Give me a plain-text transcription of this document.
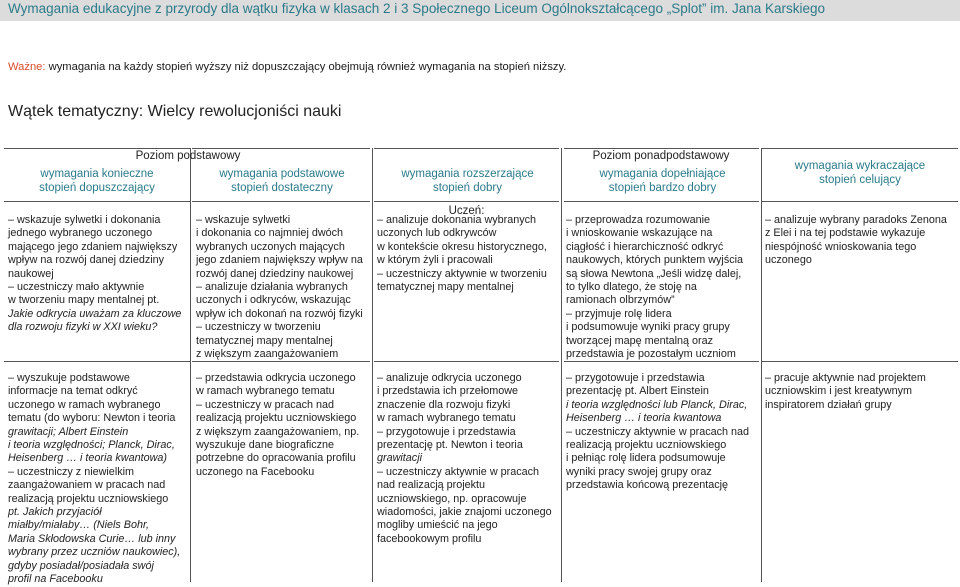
Wymagania edukacyjne z przyrody dla wątku fizyka w klasach 2 i 3 Społecznego Liceum Ogólnokształcącego „Splot” im. Jana Karskiego
Ważne: wymagania na każdy stopień wyższy niż dopuszczający obejmują również wymagania na stopień niższy.
Wątek tematyczny: Wielcy rewolucjoniści nauki
Poziom podstawowy	Poziom ponadpodstawowy
Uczeń:
wymagania konieczne
stopień dopuszczający
wymagania podstawowe
stopień dostateczny
wymagania rozszerzające
stopień dobry
wymagania dopełniające
stopień bardzo dobry
wymagania wykraczające
stopień celujący
– wskazuje sylwetki i dokonania
jednego wybranego uczonego
mającego jego zdaniem największy
wpływ na rozwój danej dziedziny
naukowej
– uczestniczy mało aktywnie
w tworzeniu mapy mentalnej pt.
Jakie odkrycia uważam za kluczowe
dla rozwoju fizyki w XXI wieku?
– wskazuje sylwetki
i dokonania co najmniej dwóch
wybranych uczonych mających
jego zdaniem największy wpływ na
rozwój danej dziedziny naukowej
– analizuje działania wybranych
uczonych i odkryców, wskazując
wpływ ich dokonań na rozwój fizyki
– uczestniczy w tworzeniu
tematycznej mapy mentalnej
z większym zaangażowaniem
– analizuje dokonania wybranych
uczonych lub odkrywców
w kontekście okresu historycznego,
w którym żyli i pracowali
– uczestniczy aktywnie w tworzeniu
tematycznej mapy mentalnej
– przeprowadza rozumowanie
i wnioskowanie wskazujące na
ciągłość i hierarchiczność odkryć
naukowych, których punktem wyjścia
są słowa Newtona „Jeśli widzę dalej,
to tylko dlatego, że stoję na
ramionach olbrzymów”
– przyjmuje rolę lidera
i podsumowuje wyniki pracy grupy
tworzącej mapę mentalną oraz
przedstawia je pozostałym uczniom
– analizuje wybrany paradoks Zenona
z Elei i na tej podstawie wykazuje
niespójność wnioskowania tego
uczonego
– wyszukuje podstawowe
informacje na temat odkryć
uczonego w ramach wybranego
tematu (do wyboru: Newton i teoria
grawitacji; Albert Einstein
i teoria względności; Planck, Dirac,
Heisenberg … i teoria kwantowa)
– uczestniczy z niewielkim
zaangażowaniem w pracach nad
realizacją projektu uczniowskiego
pt. Jakich przyjaciół
miałby/miałaby… (Niels Bohr,
Maria Skłodowska Curie… lub inny
wybrany przez uczniów naukowiec),
gdyby posiadał/posiadała swój
profil na Facebooku
– przedstawia odkrycia uczonego
w ramach wybranego tematu
– uczestniczy w pracach nad
realizacją projektu uczniowskiego
z większym zaangażowaniem, np.
wyszukuje dane biograficzne
potrzebne do opracowania profilu
uczonego na Facebooku
– analizuje odkrycia uczonego
i przedstawia ich przełomowe
znaczenie dla rozwoju fizyki
w ramach wybranego tematu
– przygotowuje i przedstawia
prezentację pt. Newton i teoria
grawitacji
– uczestniczy aktywnie w pracach
nad realizacją projektu
uczniowskiego, np. opracowuje
wiadomości, jakie znajomi uczonego
mogliby umieścić na jego
facebookowym profilu
– przygotowuje i przedstawia
prezentację pt. Albert Einstein
i teoria względności lub Planck, Dirac,
Heisenberg … i teoria kwantowa
– uczestniczy aktywnie w pracach nad
realizacją projektu uczniowskiego
i pełniąc rolę lidera podsumowuje
wyniki pracy swojej grupy oraz
przedstawia końcową prezentację
– pracuje aktywnie nad projektem
uczniowskim i jest kreatywnym
inspiratorem działań grupy
